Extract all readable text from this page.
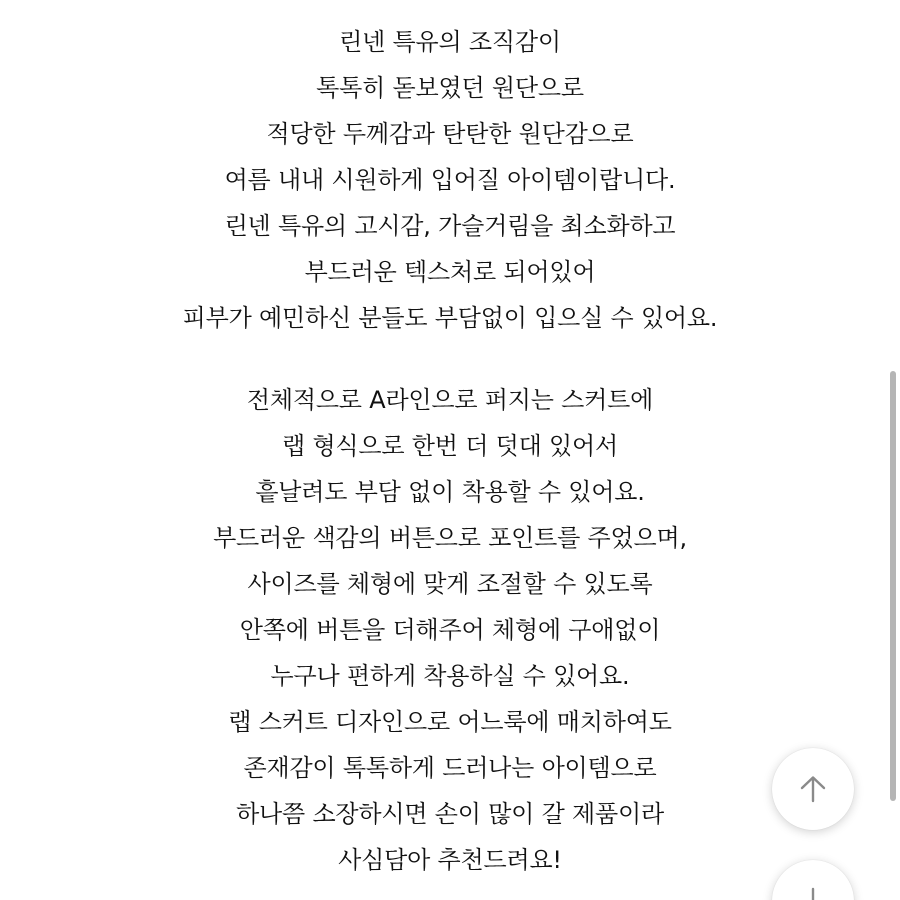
린넨 특유의 조직감이
톡톡히 돋보였던 원단으로
적당한 두께감과 탄탄한 원단감으로
여름 내내 시원하게 입어질 아이템이랍니다.
린넨 특유의 고시감, 가슬거림을 최소화하고
부드러운 텍스처로 되어있어
피부가 예민하신 분들도 부담없이 입으실 수 있어요.

전체적으로 A라인으로 퍼지는 스커트에
랩 형식으로 한번 더 덧대 있어서
흩날려도 부담 없이 착용할 수 있어요.
부드러운 색감의 버튼으로 포인트를 주었으며,
사이즈를 체형에 맞게 조절할 수 있도록
안쪽에 버튼을 더해주어 체형에 구애없이
누구나 편하게 착용하실 수 있어요.
랩 스커트 디자인으로 어느룩에 매치하여도
존재감이 톡톡하게 드러나는 아이템으로
하나쯤 소장하시면 손이 많이 갈 제품이라
사심담아 추천드려요!
